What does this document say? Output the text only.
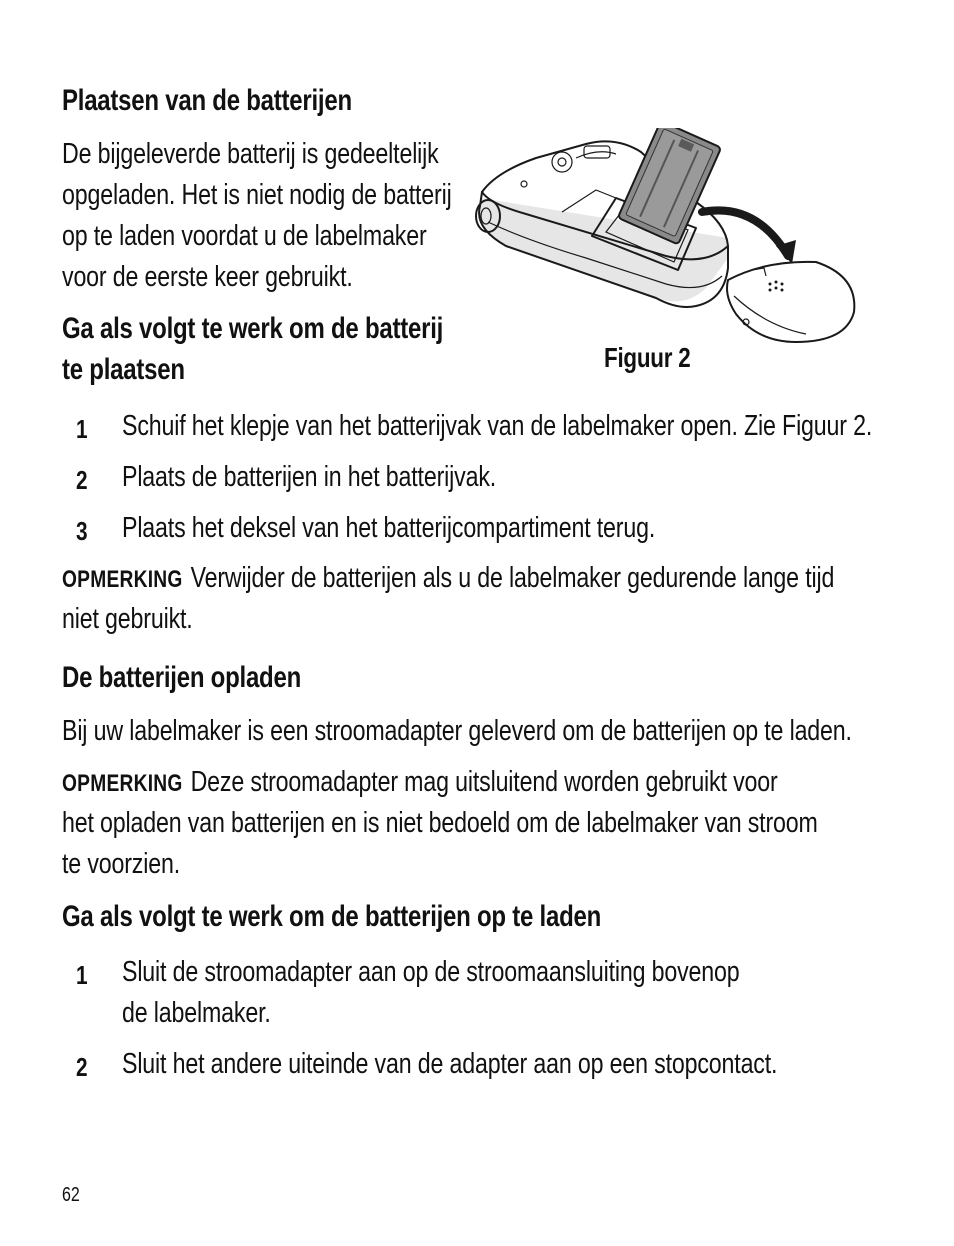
Plaatsen van de batterijen
De bijgeleverde batterij is gedeeltelijk
opgeladen. Het is niet nodig de batterij
op te laden voordat u de labelmaker
voor de eerste keer gebruikt.
Ga als volgt te werk om de batterij
te plaatsen	Figuur 2
1 Schuif het klepje van het batterijvak van de labelmaker open. Zie Figuur 2.
2 Plaats de batterijen in het batterijvak.
3 Plaats het deksel van het batterijcompartiment terug.
OPMERKING Verwijder de batterijen als u de labelmaker gedurende lange tijd
niet gebruikt.
De batterijen opladen
Bij uw labelmaker is een stroomadapter geleverd om de batterijen op te laden.
OPMERKING Deze stroomadapter mag uitsluitend worden gebruikt voor
het opladen van batterijen en is niet bedoeld om de labelmaker van stroom
te voorzien.
Ga als volgt te werk om de batterijen op te laden
1 Sluit de stroomadapter aan op de stroomaansluiting bovenop
de labelmaker.
2 Sluit het andere uiteinde van de adapter aan op een stopcontact.
62
